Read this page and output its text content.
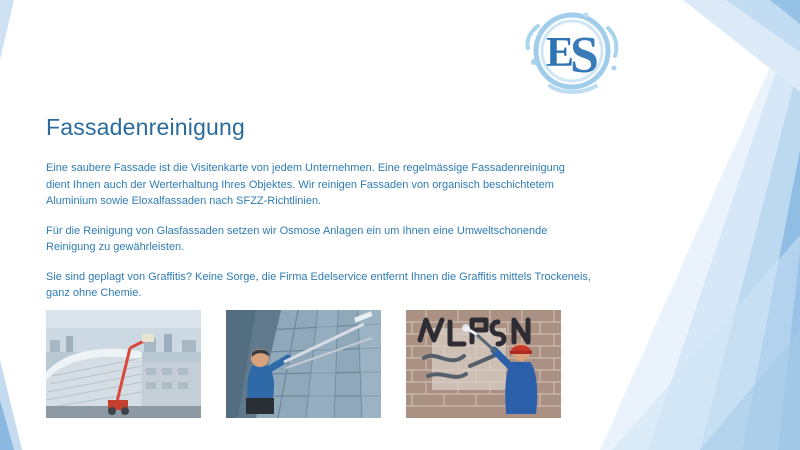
E
S
Fassadenreinigung

Eine saubere Fassade ist die Visitenkarte von jedem Unternehmen. Eine regelmässige Fassadenreinigung dient Ihnen auch der Werterhaltung Ihres Objektes. Wir reinigen Fassaden von organisch beschichtetem Aluminium sowie Eloxalfassaden nach SFZZ-Richtlinien.

Für die Reinigung von Glasfassaden setzen wir Osmose Anlagen ein um Ihnen eine Umweltschonende Reinigung zu gewährleisten.

Sie sind geplagt von Graffitis? Keine Sorge, die Firma Edelservice entfernt Ihnen die Graffitis mittels Trockeneis, ganz ohne Chemie.
